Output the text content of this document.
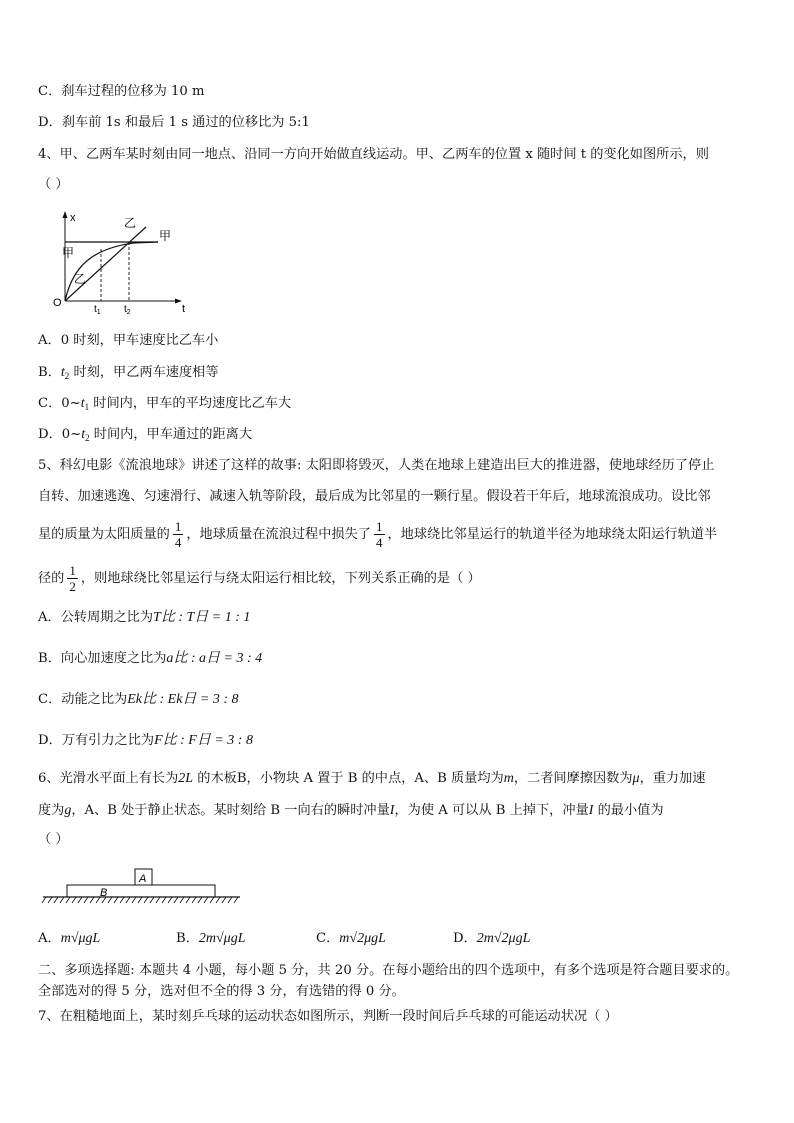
C．刹车过程的位移为 10 m
D．刹车前 1s 和最后 1 s 通过的位移比为 5:1
4、甲、乙两车某时刻由同一地点、沿同一方向开始做直线运动。甲、乙两车的位置 x 随时间 t 的变化如图所示，则
（ ）
x
t
O
$t_1$ $t_2$
甲
甲
乙
乙
A．0 时刻，甲车速度比乙车小
B．$t_2$ 时刻，甲乙两车速度相等
C．$0\sim t_1$ 时间内，甲车的平均速度比乙车大
D．$0\sim t_2$ 时间内，甲车通过的距离大
5、科幻电影《流浪地球》讲述了这样的故事: 太阳即将毁灭，人类在地球上建造出巨大的推进器，使地球经历了停止
自转、加速逃逸、匀速滑行、减速入轨等阶段，最后成为比邻星的一颗行星。假设若干年后，地球流浪成功。设比邻
星的质量为太阳质量的 $\frac{1}{4}$ ，地球质量在流浪过程中损失了 $\frac{1}{4}$ ，地球绕比邻星运行的轨道半径为地球绕太阳运行轨道半
径的 $\frac{1}{2}$ ，则地球绕比邻星运行与绕太阳运行相比较，下列关系正确的是（ ）
A．公转周期之比为T比 : T日 = 1 : 1
B．向心加速度之比为a比 : a日 = 3 : 4
C．动能之比为Ek比 : Ek日 = 3 : 8
D．万有引力之比为F比 : F日 = 3 : 8
6、光滑水平面上有长为2L 的木板B，小物块 A 置于 B 的中点，A、B 质量均为m，二者间摩擦因数为μ，重力加速
度为g，A、B 处于静止状态。某时刻给 B 一向右的瞬时冲量I，为使 A 可以从 B 上掉下，冲量I 的最小值为
（ ）
A
B
A．m√μgL	B．2m√μgL	C．m√2μgL	D．2m√2μgL
二、多项选择题: 本题共 4 小题，每小题 5 分，共 20 分。在每小题给出的四个选项中，有多个选项是符合题目要求的。
全部选对的得 5 分，选对但不全的得 3 分，有选错的得 0 分。
7、在粗糙地面上，某时刻乒乓球的运动状态如图所示，判断一段时间后乒乓球的可能运动状况（ ）
